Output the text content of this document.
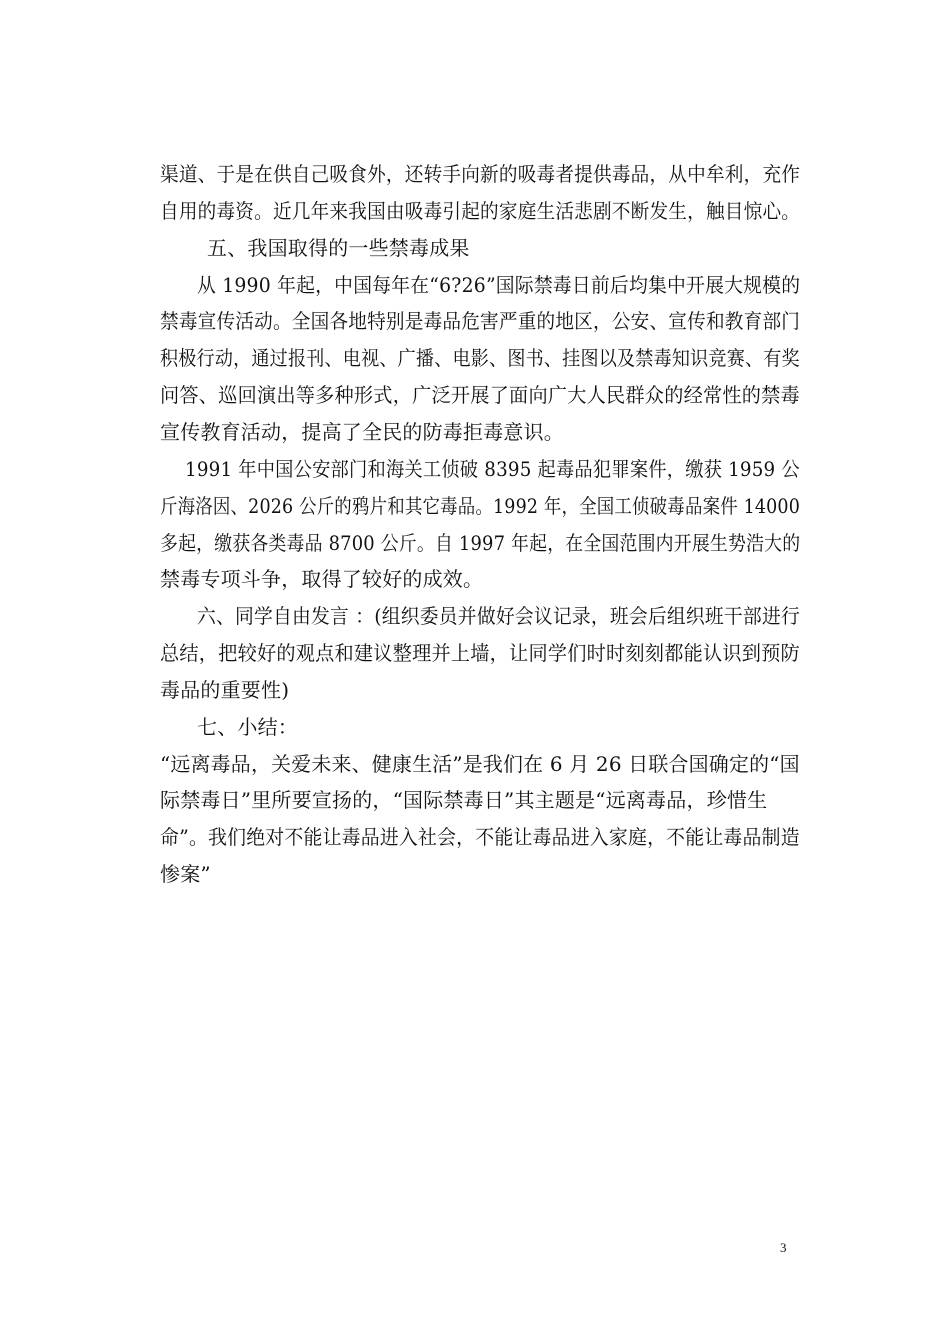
渠道、于是在供自己吸食外，还转手向新的吸毒者提供毒品，从中牟利，充作
自用的毒资。近几年来我国由吸毒引起的家庭生活悲剧不断发生，触目惊心。
五、我国取得的一些禁毒成果
从 1990 年起，中国每年在“6?26”国际禁毒日前后均集中开展大规模的
禁毒宣传活动。全国各地特别是毒品危害严重的地区，公安、宣传和教育部门
积极行动，通过报刊、电视、广播、电影、图书、挂图以及禁毒知识竞赛、有奖
问答、巡回演出等多种形式，广泛开展了面向广大人民群众的经常性的禁毒
宣传教育活动，提高了全民的防毒拒毒意识。
1991 年中国公安部门和海关工侦破 8395 起毒品犯罪案件，缴获 1959 公
斤海洛因、2026 公斤的鸦片和其它毒品。1992 年，全国工侦破毒品案件 14000
多起，缴获各类毒品 8700 公斤。自 1997 年起，在全国范围内开展生势浩大的
禁毒专项斗争，取得了较好的成效。
六、同学自由发言 ：(组织委员并做好会议记录，班会后组织班干部进行
总结，把较好的观点和建议整理并上墙，让同学们时时刻刻都能认识到预防
毒品的重要性)
七、小结：
“远离毒品，关爱未来、健康生活”是我们在 6 月 26 日联合国确定的“国
际禁毒日”里所要宣扬的，“国际禁毒日”其主题是“远离毒品，珍惜生
命”。我们绝对不能让毒品进入社会，不能让毒品进入家庭，不能让毒品制造
惨案”
3
